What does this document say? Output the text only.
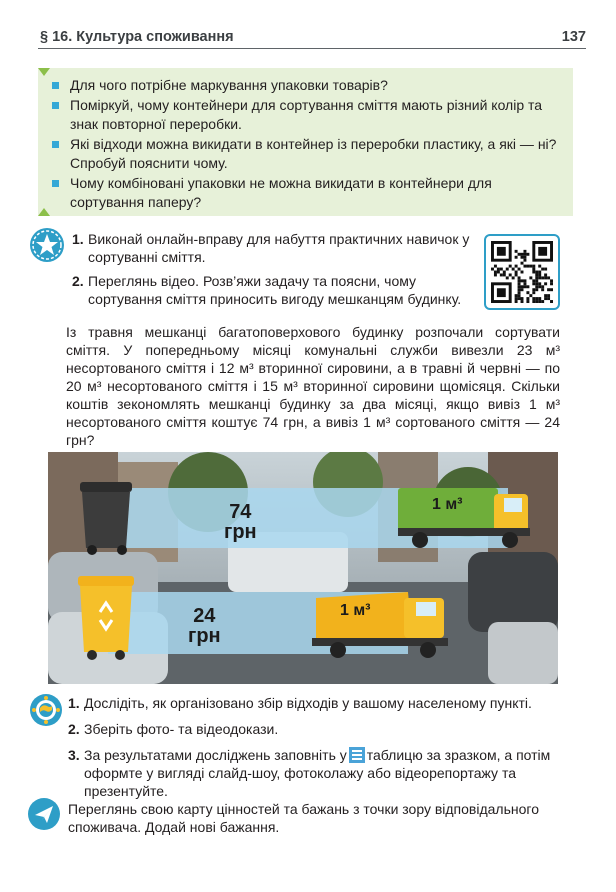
§ 16. Культура споживання	137
Для чого потрібне маркування упаковки товарів?
Поміркуй, чому контейнери для сортування сміття мають різний колір та знак повторної переробки.
Які відходи можна викидати в контейнер із переробки пластику, а які — ні? Спробуй пояснити чому.
Чому комбіновані упаковки не можна викидати в контейнери для сортування паперу?
1. Виконай онлайн-вправу для набуття практичних навичок у сортуванні сміття.
2. Переглянь відео. Розв’яжи задачу та поясни, чому сортування сміття приносить вигоду мешканцям будинку.
Із травня мешканці багатоповерхового будинку розпочали сортувати сміття. У попередньому місяці комунальні служби вивезли 23 м³ несортованого сміття і 12 м³ вторинної сировини, а в травні й червні — по 20 м³ несортованого сміття і 15 м³ вторинної сировини щомісяця. Скільки коштів зекономлять мешканці будинку за два місяці, якщо вивіз 1 м³ несортованого сміття коштує 74 грн, а вивіз 1 м³ сортованого сміття — 24 грн?
74
грн
1 м³
24
грн
1 м³
1. Дослідіть, як організовано збір відходів у вашому населеному пункті.
2. Зберіть фото- та відеодокази.
3. За результатами досліджень заповніть у таблицю за зразком, а потім оформте у вигляді слайд-шоу, фотоколажу або відеорепортажу та презентуйте.
Переглянь свою карту цінностей та бажань з точки зору відповідального споживача. Додай нові бажання.
